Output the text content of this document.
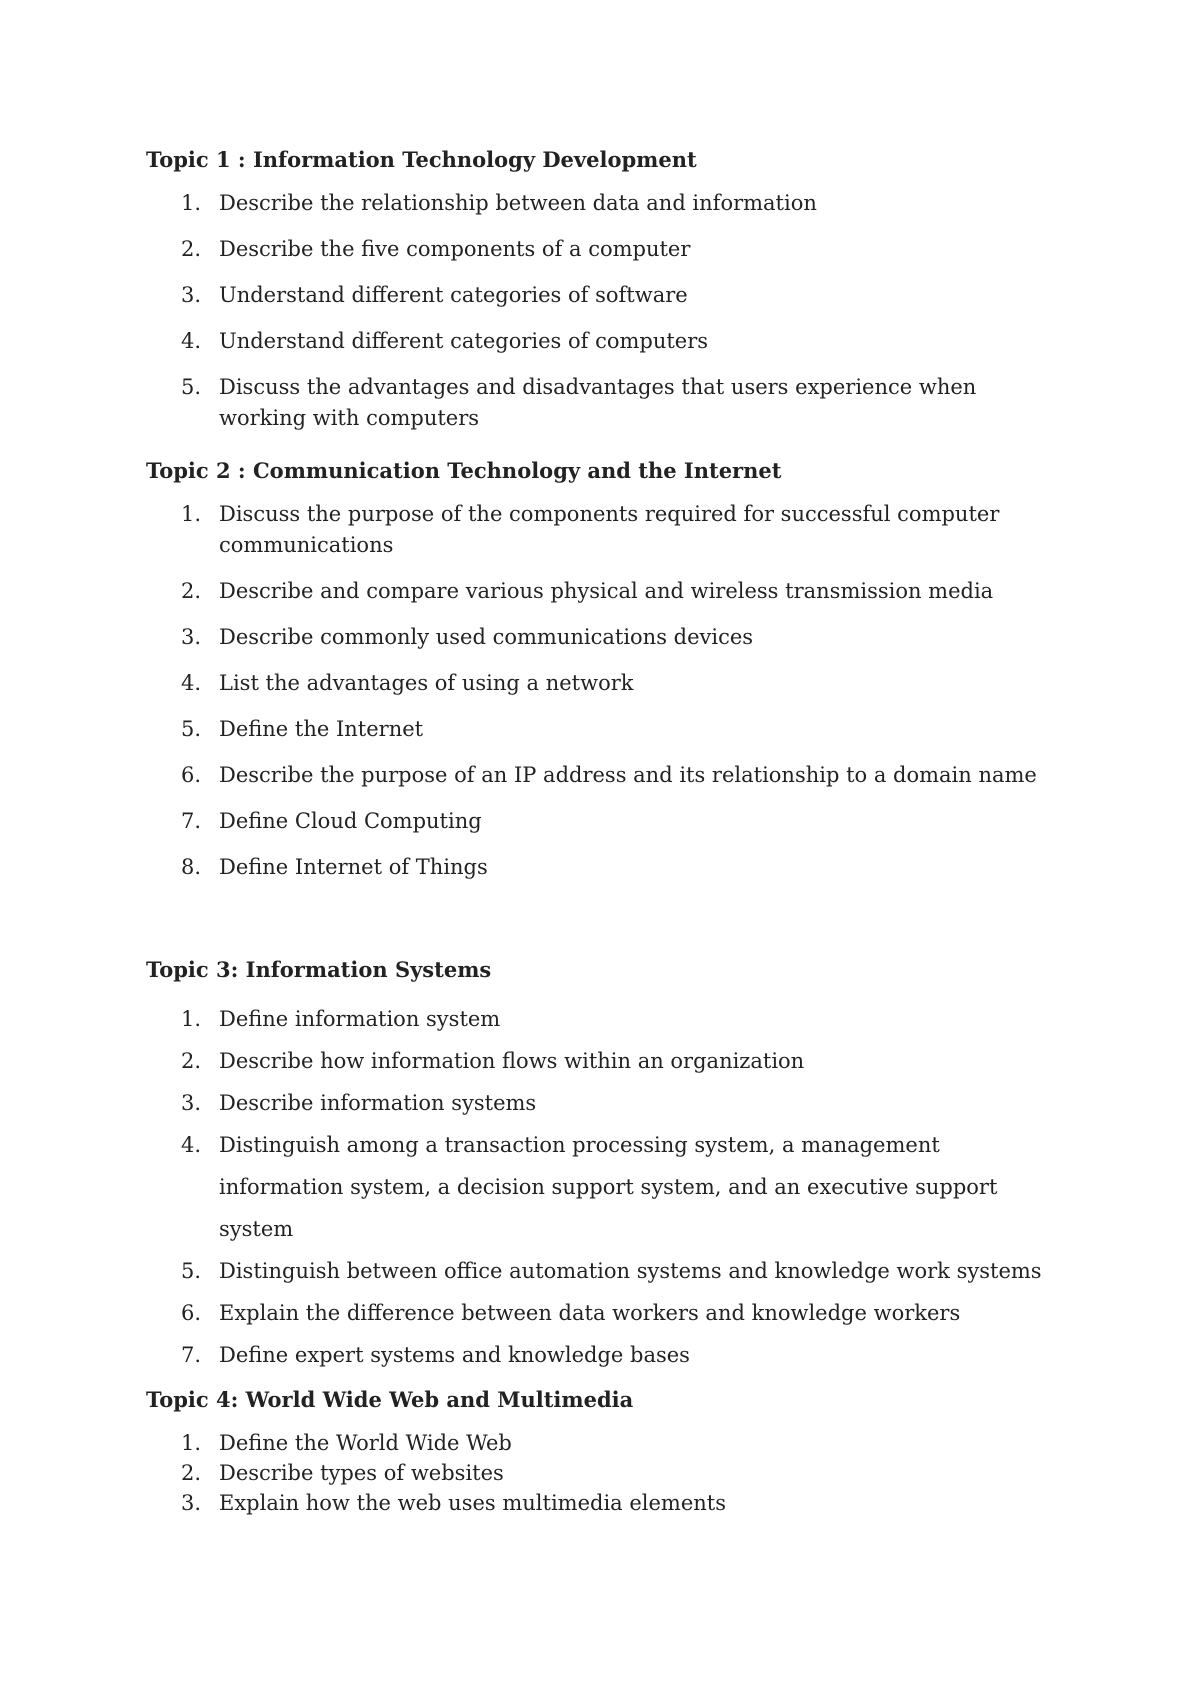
Topic 1 : Information Technology Development
1. Describe the relationship between data and information
2. Describe the five components of a computer
3. Understand different categories of software
4. Understand different categories of computers
5. Discuss the advantages and disadvantages that users experience when working with computers
Topic 2 : Communication Technology and the Internet
1. Discuss the purpose of the components required for successful computer communications
2. Describe and compare various physical and wireless transmission media
3. Describe commonly used communications devices
4. List the advantages of using a network
5. Define the Internet
6. Describe the purpose of an IP address and its relationship to a domain name
7. Define Cloud Computing
8. Define Internet of Things
Topic 3: Information Systems
1. Define information system
2. Describe how information flows within an organization
3. Describe information systems
4. Distinguish among a transaction processing system, a management information system, a decision support system, and an executive support system
5. Distinguish between office automation systems and knowledge work systems
6. Explain the difference between data workers and knowledge workers
7. Define expert systems and knowledge bases
Topic 4: World Wide Web and Multimedia
1. Define the World Wide Web
2. Describe types of websites
3. Explain how the web uses multimedia elements
